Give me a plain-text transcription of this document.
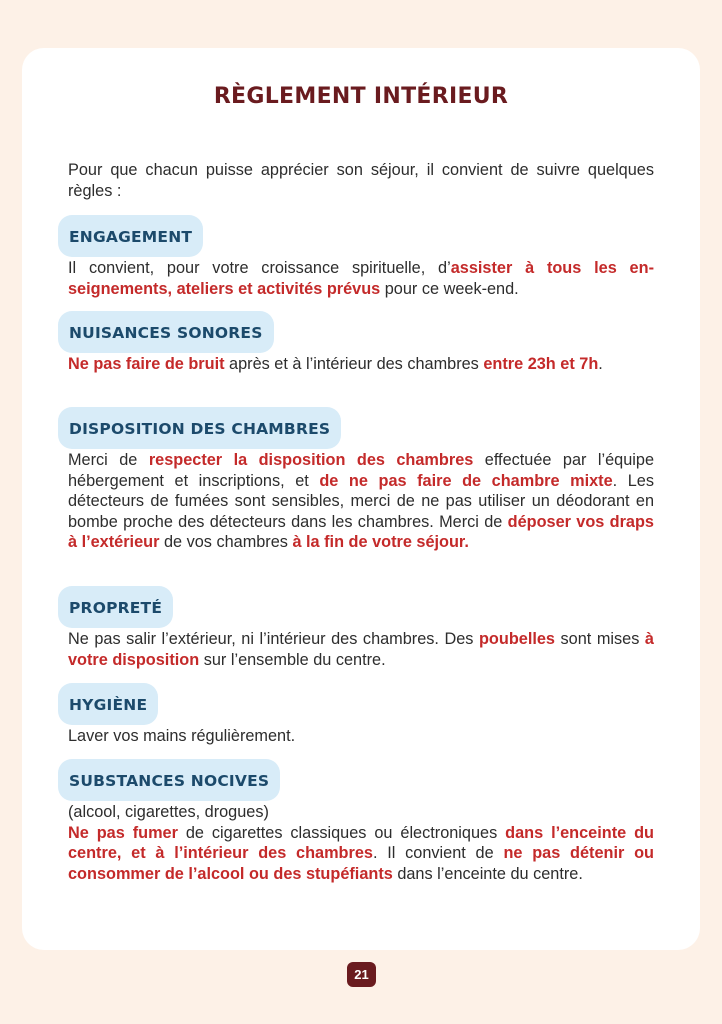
RÈGLEMENT INTÉRIEUR
Pour que chacun puisse apprécier son séjour, il convient de suivre quelques règles :
ENGAGEMENT
Il convient, pour votre croissance spirituelle, d’assister à tous les enseignements, ateliers et activités prévus pour ce week-end.
NUISANCES SONORES
Ne pas faire de bruit après et à l’intérieur des chambres entre 23h et 7h.
DISPOSITION DES CHAMBRES
Merci de respecter la disposition des chambres effectuée par l’équipe hébergement et inscriptions, et de ne pas faire de chambre mixte. Les détecteurs de fumées sont sensibles, merci de ne pas utiliser un déodorant en bombe proche des détecteurs dans les chambres. Merci de déposer vos draps à l’extérieur de vos chambres à la fin de votre séjour.
PROPRETÉ
Ne pas salir l’extérieur, ni l’intérieur des chambres. Des poubelles sont mises à votre disposition sur l’ensemble du centre.
HYGIÈNE
Laver vos mains régulièrement.
SUBSTANCES NOCIVES
(alcool, cigarettes, drogues)
Ne pas fumer de cigarettes classiques ou électroniques dans l’enceinte du centre, et à l’intérieur des chambres. Il convient de ne pas détenir ou consommer de l’alcool ou des stupéfiants dans l’enceinte du centre.
21
